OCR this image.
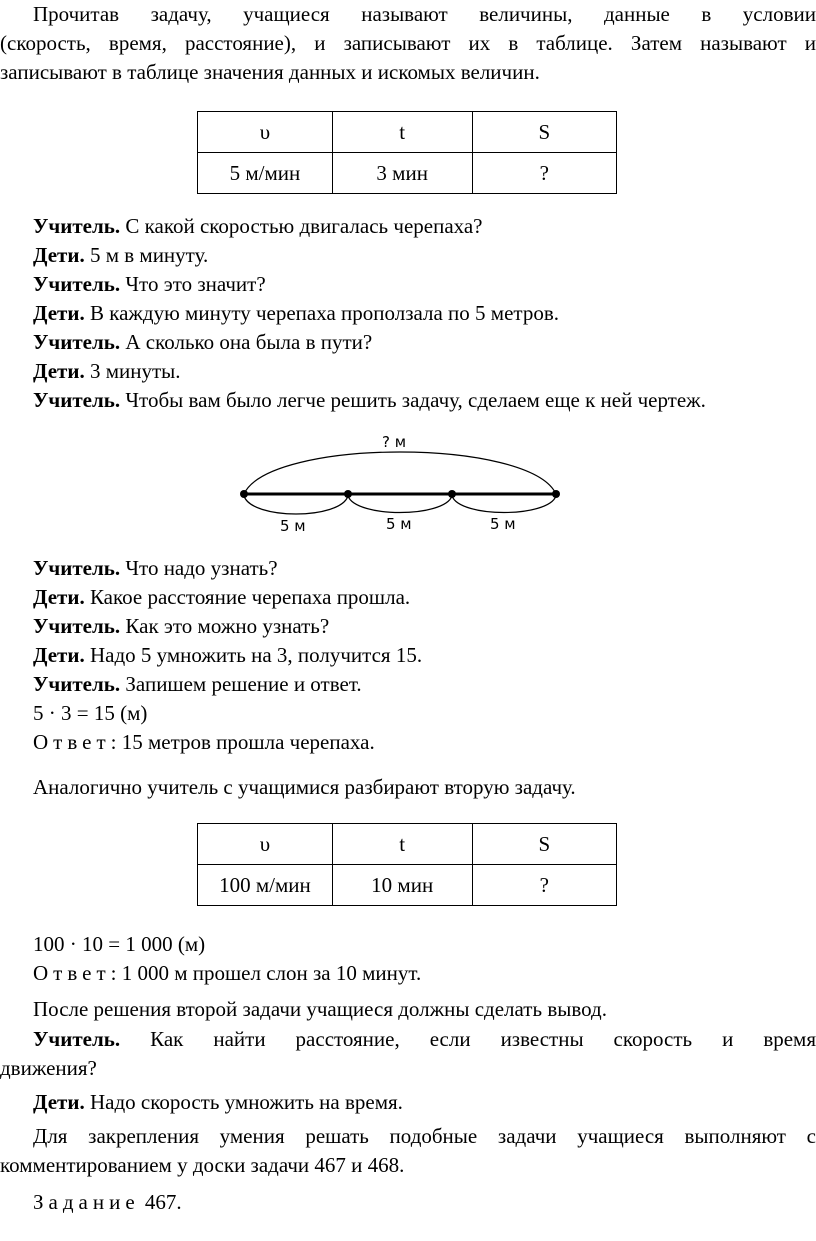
Прочитав задачу, учащиеся называют величины, данные в условии

(скорость, время, расстояние), и записывают их в таблице. Затем называют и

записывают в таблице значения данных и искомых величин.

υ	t	S
5 м/мин	3 мин	?

Учитель. С какой скоростью двигалась черепаха?

Дети. 5 м в минуту.

Учитель. Что это значит?

Дети. В каждую минуту черепаха проползала по 5 метров.

Учитель. А сколько она была в пути?

Дети. 3 минуты.

Учитель. Чтобы вам было легче решить задачу, сделаем еще к ней чертеж.

? м
5 м	5 м	5 м

Учитель. Что надо узнать?

Дети. Какое расстояние черепаха прошла.

Учитель. Как это можно узнать?

Дети. Надо 5 умножить на 3, получится 15.

Учитель. Запишем решение и ответ.

5 · 3 = 15 (м)

Ответ: 15 метров прошла черепаха.

Аналогично учитель с учащимися разбирают вторую задачу.

υ	t	S
100 м/мин	10 мин	?

100 · 10 = 1 000 (м)

Ответ: 1 000 м прошел слон за 10 минут.

После решения второй задачи учащиеся должны сделать вывод.

Учитель. Как найти расстояние, если известны скорость и время

движения?

Дети. Надо скорость умножить на время.

Для закрепления умения решать подобные задачи учащиеся выполняют с

комментированием у доски задачи 467 и 468.

Задание 467.
